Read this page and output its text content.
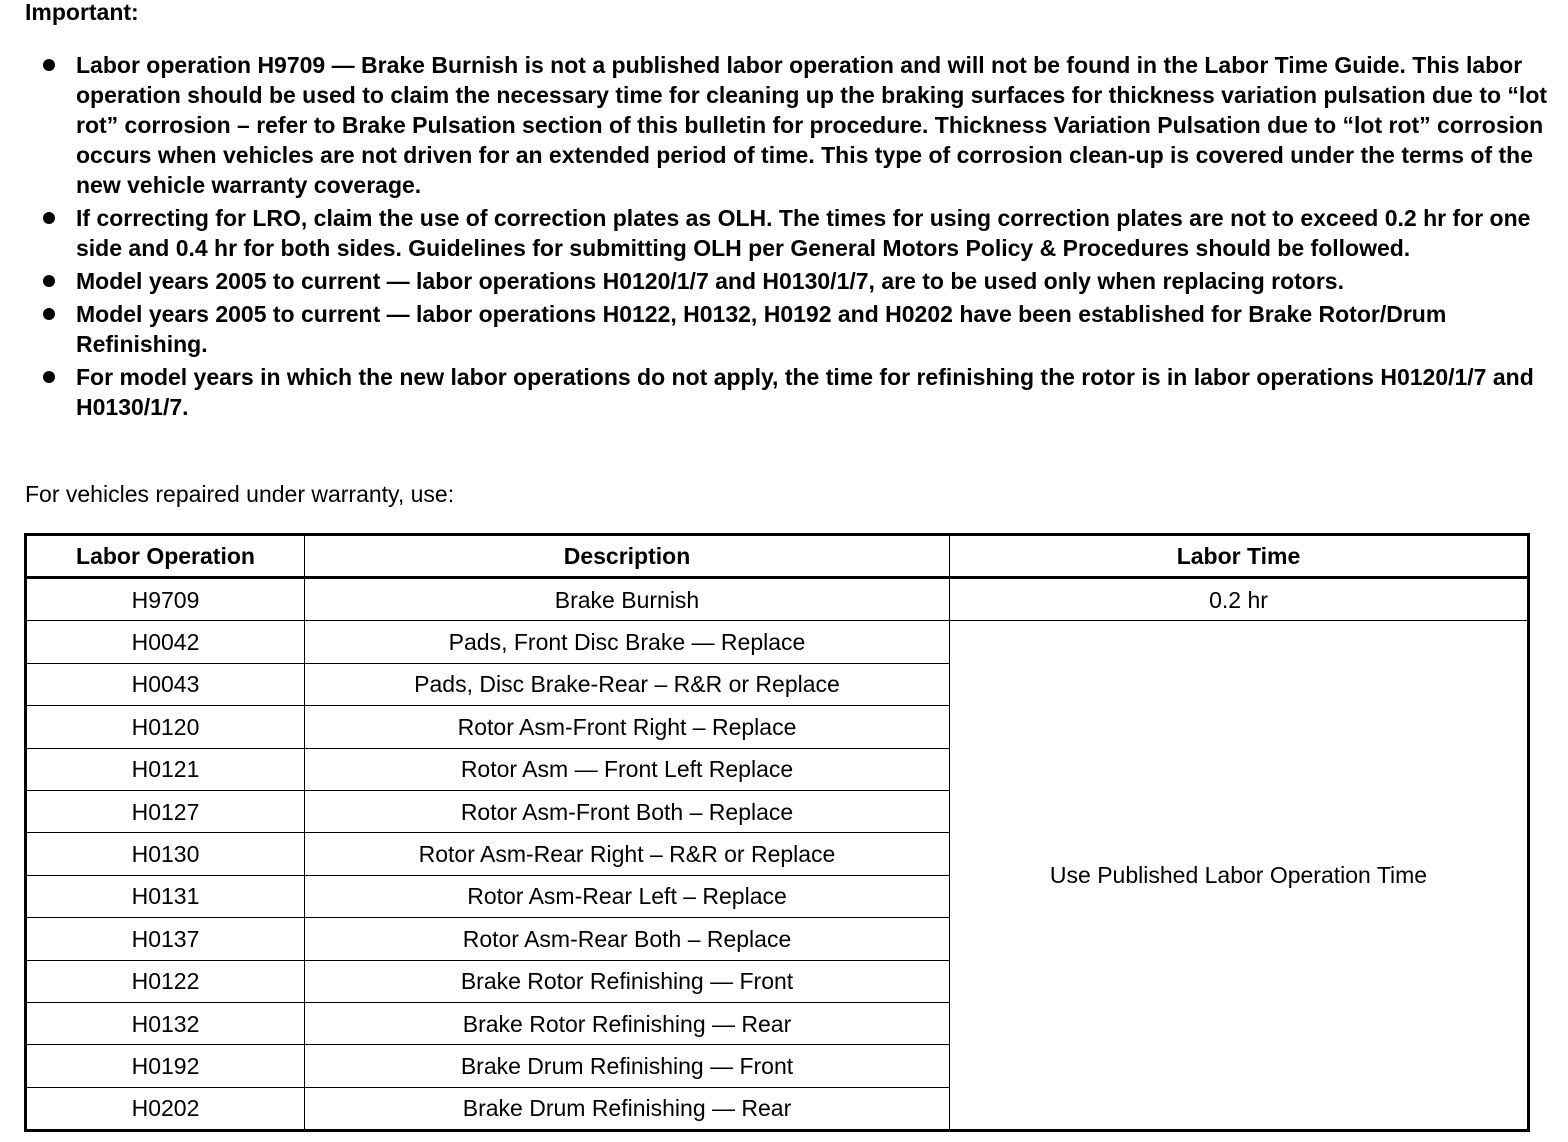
Important:
Labor operation H9709 — Brake Burnish is not a published labor operation and will not be found in the Labor Time Guide. This labor operation should be used to claim the necessary time for cleaning up the braking surfaces for thickness variation pulsation due to “lot rot” corrosion – refer to Brake Pulsation section of this bulletin for procedure. Thickness Variation Pulsation due to “lot rot” corrosion occurs when vehicles are not driven for an extended period of time. This type of corrosion clean-up is covered under the terms of the new vehicle warranty coverage.
If correcting for LRO, claim the use of correction plates as OLH. The times for using correction plates are not to exceed 0.2 hr for one side and 0.4 hr for both sides. Guidelines for submitting OLH per General Motors Policy & Procedures should be followed.
Model years 2005 to current — labor operations H0120/1/7 and H0130/1/7, are to be used only when replacing rotors.
Model years 2005 to current — labor operations H0122, H0132, H0192 and H0202 have been established for Brake Rotor/Drum Refinishing.
For model years in which the new labor operations do not apply, the time for refinishing the rotor is in labor operations H0120/1/7 and H0130/1/7.
For vehicles repaired under warranty, use:
Labor Operation	Description	Labor Time
H9709	Brake Burnish	0.2 hr
H0042	Pads, Front Disc Brake — Replace	Use Published Labor Operation Time
H0043	Pads, Disc Brake-Rear – R&R or Replace	
H0120	Rotor Asm-Front Right – Replace	
H0121	Rotor Asm — Front Left Replace	
H0127	Rotor Asm-Front Both – Replace	
H0130	Rotor Asm-Rear Right – R&R or Replace	
H0131	Rotor Asm-Rear Left – Replace	
H0137	Rotor Asm-Rear Both – Replace	
H0122	Brake Rotor Refinishing — Front	
H0132	Brake Rotor Refinishing — Rear	
H0192	Brake Drum Refinishing — Front	
H0202	Brake Drum Refinishing — Rear	
